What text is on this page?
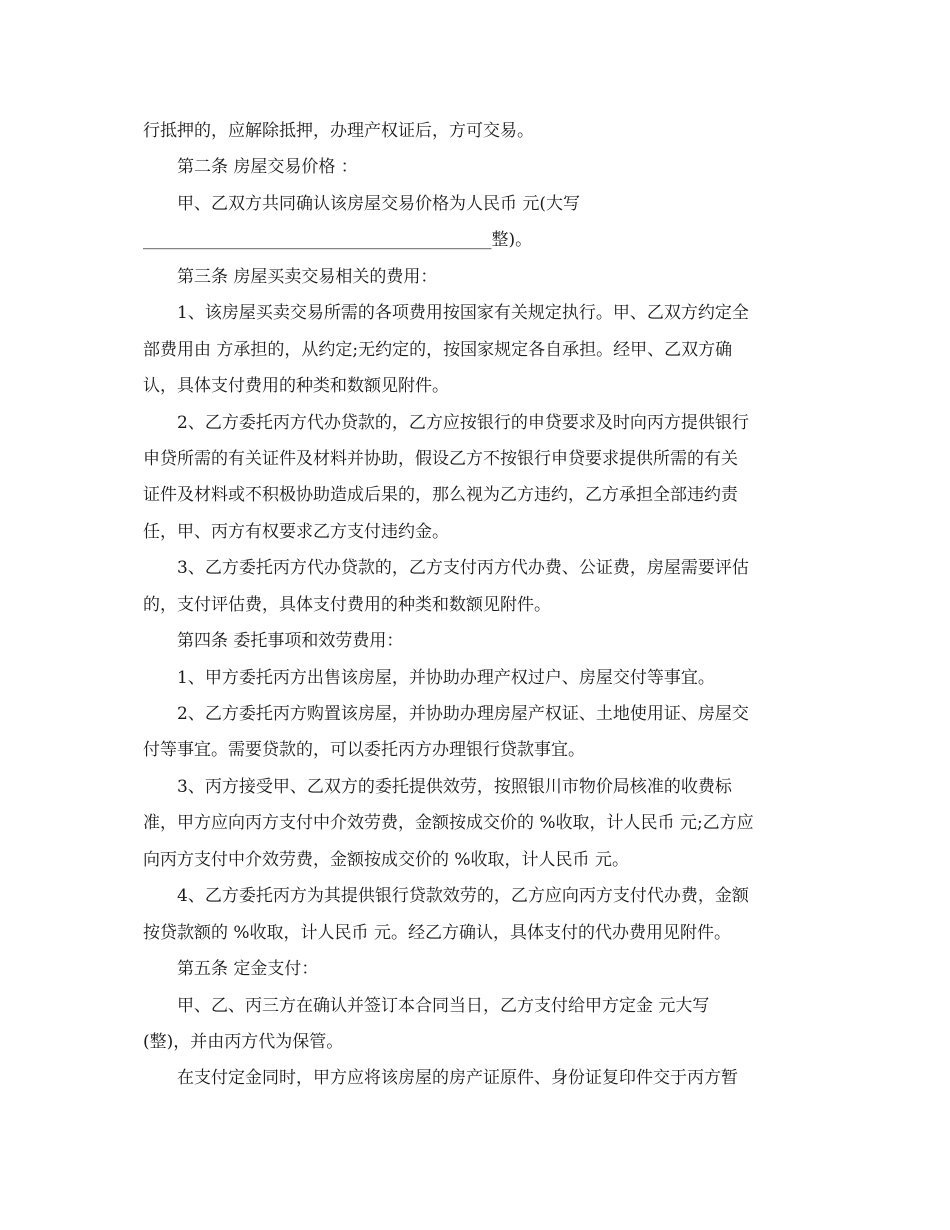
行抵押的，应解除抵押，办理产权证后，方可交易。
第二条 房屋交易价格 ：
甲、乙双方共同确认该房屋交易价格为人民币 元(大写
_________________________________________整)。
第三条 房屋买卖交易相关的费用：
1、该房屋买卖交易所需的各项费用按国家有关规定执行。甲、乙双方约定全
部费用由 方承担的，从约定;无约定的，按国家规定各自承担。经甲、乙双方确
认，具体支付费用的种类和数额见附件。
2、乙方委托丙方代办贷款的，乙方应按银行的申贷要求及时向丙方提供银行
申贷所需的有关证件及材料并协助，假设乙方不按银行申贷要求提供所需的有关
证件及材料或不积极协助造成后果的，那么视为乙方违约，乙方承担全部违约责
任，甲、丙方有权要求乙方支付违约金。
3、乙方委托丙方代办贷款的，乙方支付丙方代办费、公证费，房屋需要评估
的，支付评估费，具体支付费用的种类和数额见附件。
第四条 委托事项和效劳费用：
1、甲方委托丙方出售该房屋，并协助办理产权过户、房屋交付等事宜。
2、乙方委托丙方购置该房屋，并协助办理房屋产权证、土地使用证、房屋交
付等事宜。需要贷款的，可以委托丙方办理银行贷款事宜。
3、丙方接受甲、乙双方的委托提供效劳，按照银川市物价局核准的收费标
准，甲方应向丙方支付中介效劳费，金额按成交价的 %收取，计人民币 元;乙方应
向丙方支付中介效劳费，金额按成交价的 %收取，计人民币 元。
4、乙方委托丙方为其提供银行贷款效劳的，乙方应向丙方支付代办费，金额
按贷款额的 %收取，计人民币 元。经乙方确认，具体支付的代办费用见附件。
第五条 定金支付：
甲、乙、丙三方在确认并签订本合同当日，乙方支付给甲方定金 元大写
(整)，并由丙方代为保管。
在支付定金同时，甲方应将该房屋的房产证原件、身份证复印件交于丙方暂
